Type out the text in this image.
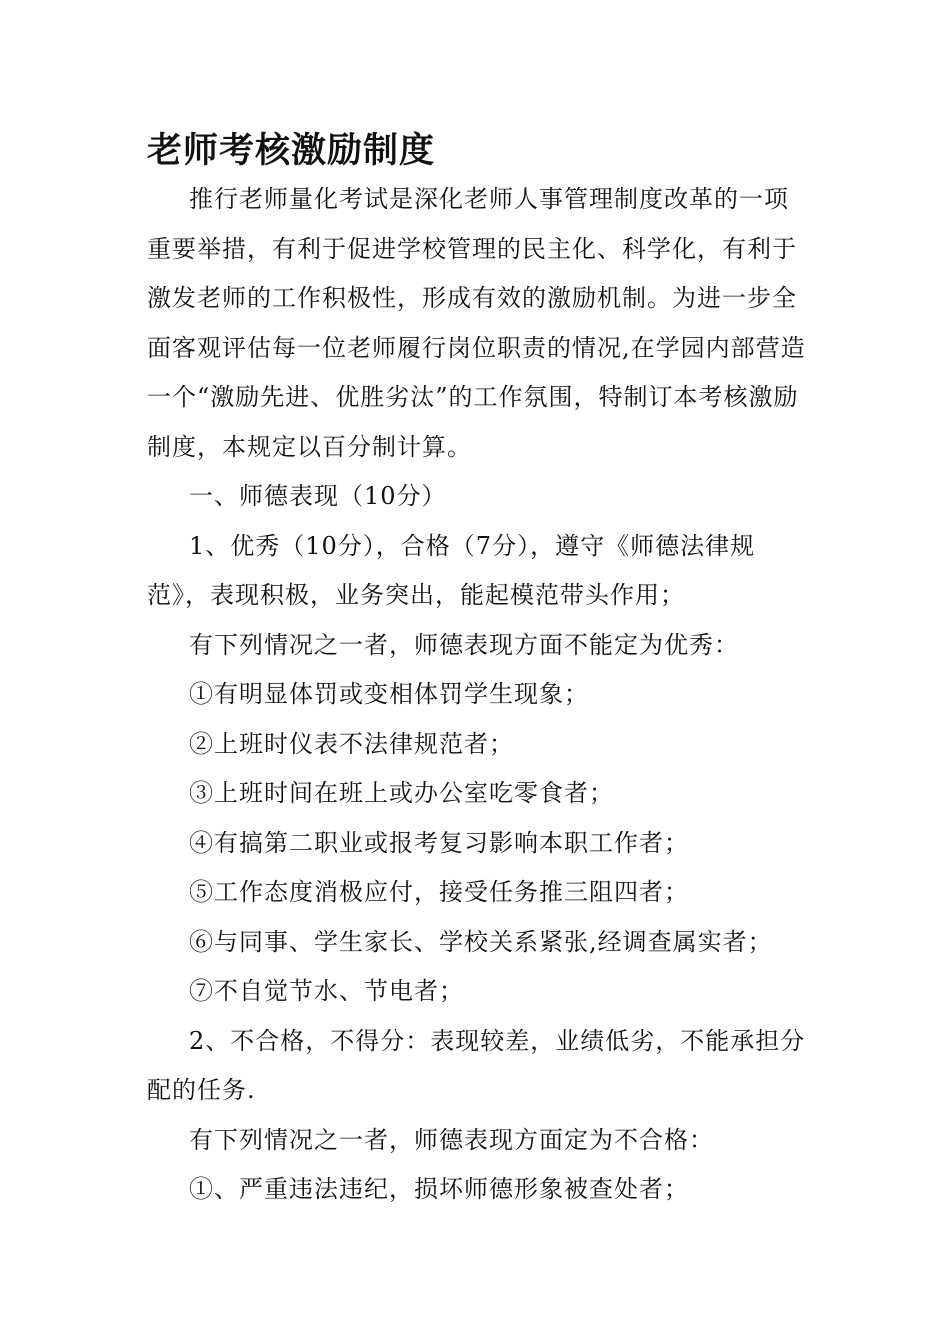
老师考核激励制度

推行老师量化考试是深化老师人事管理制度改革的一项重要举措，有利于促进学校管理的民主化、科学化，有利于激发老师的工作积极性，形成有效的激励机制。为进一步全面客观评估每一位老师履行岗位职责的情况,在学园内部营造一个“激励先进、优胜劣汰”的工作氛围，特制订本考核激励制度，本规定以百分制计算。

一、师德表现（10分）

1、优秀（10分），合格（7分），遵守《师德法律规范》，表现积极，业务突出，能起模范带头作用；

有下列情况之一者，师德表现方面不能定为优秀：

①有明显体罚或变相体罚学生现象；

②上班时仪表不法律规范者；

③上班时间在班上或办公室吃零食者；

④有搞第二职业或报考复习影响本职工作者；

⑤工作态度消极应付，接受任务推三阻四者；

⑥与同事、学生家长、学校关系紧张,经调查属实者；

⑦不自觉节水、节电者；

2、不合格，不得分：表现较差，业绩低劣，不能承担分配的任务.

有下列情况之一者，师德表现方面定为不合格：

①、严重违法违纪，损坏师德形象被查处者；
